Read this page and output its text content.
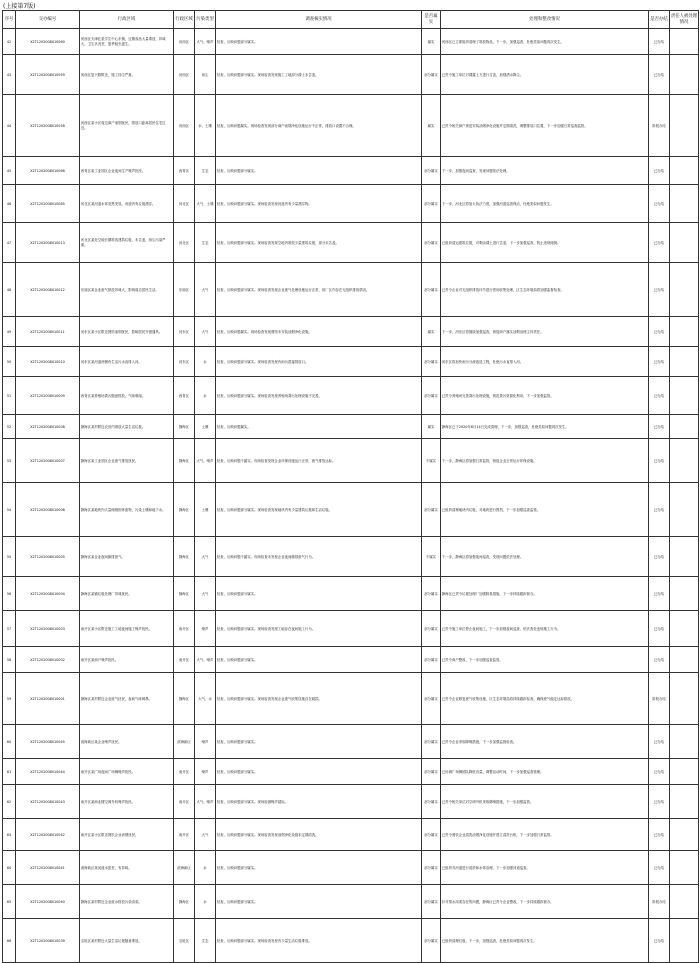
(上接第7版)
序号	交办编号	行政区域	行政区域	污染类型	调查核实情况	是否属实	处理和整改情况	是否办结	责任人被处理情况
42	X2T1202008010060	河西区天津红星学生中心东侧，过期食品大量堆放，异味大，卫生状况差，夏季蚊虫滋生。	河西区	大气、噪声	经查，反映问题部分属实。	属实	河西区已立即组织清理了堆放物品，下一步，加强巡查，杜绝类似问题再次发生。	已办结	
43	X2T1202008010059	河西区复兴路附近，施工扬尘严重。	河西区	扬尘	经查，反映问题部分属实。现场检查发现施工工地部分裸土未苫盖。	部分属实	已责令施工单位对裸露土方进行苫盖，加强洒水降尘。	已办结	
44	X2T1202008010058	河西区某小区周边商户油烟扰民，排放口距离居民住宅过近。	河西区	水、土壤	经查，反映问题属实。现场检查发现部分商户油烟净化设施运行不正常，排放口设置不合理。	属实	已责令相关商户规范安装油烟净化设施并定期清洗，调整排放口位置，下一步加强日常巡查监管。	阶段办结	
45	X2T1202008010066	西青区某工业园区企业夜间生产噪声扰民。	西青区	生态	经查，反映问题部分属实。	部分属实	下一步，加强夜间巡查，发现问题依法处理。	已办结	
46	X2T1202008010065	河北区某河道水体发黑发臭，河道内有垃圾漂浮。	河北区	大气、土壤	经查，反映问题部分属实。现场检查发现河道内有少量漂浮物。	部分属实	下一步，河北区将加大执法力度，加强河道巡查保洁，杜绝类似问题发生。	已办结	
47	X2T1202008010013	河北区某处空地长期堆放建筑垃圾，未苫盖，扬尘污染严重。	河北区	生态	经查，反映问题部分属实。现场检查发现空地内堆放少量建筑垃圾，部分未苫盖。	部分属实	已组织清运建筑垃圾，对剩余裸土进行苫盖，下一步加强巡查，防止违规倾倒。	已办结	
48	X2T1202008010012	东丽区某企业废气排放异味大，影响周边居民生活。	东丽区	大气	经查，反映问题部分属实。现场检查发现企业废气处理设施运行正常，但厂区内存在无组织排放情况。	部分属实	已责令企业对无组织排放环节进行密闭收集处理，区生态环境局将加强监督检查。	已办结	
49	X2T1202008010011	河东区某小区附近餐馆油烟扰民，影响居民开窗通风。	河东区	大气	经查，反映问题属实。现场检查发现餐馆未安装油烟净化设施。	属实	下一步，河东区将继续加强巡查，督促商户落实油烟治理主体责任。	已办结	
50	X2T1202008010010	河东区某河道两侧有生活污水直排入河。	河东区	水	经查，反映问题部分属实。现场检查发现有雨污混接排放口。	部分属实	河东区将加快雨污分流改造工程，杜绝污水直排入河。	已办结	
51	X2T1202008010009	西青区某养殖场粪污随意排放，气味难闻。	西青区	水	经查，反映问题部分属实。现场检查发现养殖场粪污处理设施不完善。	部分属实	已责令养殖场完善粪污处理设施，规范粪污资源化利用，下一步加强监管。	已办结	
52	X2T1202008010008	静海区某村附近农田内堆放大量生活垃圾。	静海区	土壤	经查，反映问题属实。	属实	静海区已于2020年8月14日完成清理，下一步，加强巡查，杜绝类似问题再次发生。	已办结	
53	X2T1202008010007	静海区某工业园区企业废气排放扰民。	静海区	大气、噪声	经查，反映问题不属实。现场检查发现企业环保设施运行正常，废气排放达标。	不属实	下一步，静海区将加强日常监管，督促企业正常运行环保设施。	已办结	
54	X2T1202008010006	静海区某地块内大量倾倒固体废物，污染土壤和地下水。	静海区	土壤	经查，反映问题部分属实。现场检查发现地块内有少量建筑垃圾和生活垃圾。	部分属实	已组织清理地块内垃圾，对地块进行围挡，下一步加强巡查监管。	已办结	
55	X2T1202008010005	静海区某企业夜间偷排废气。	静海区	大气	经查，反映问题不属实。现场检查未发现企业夜间偷排废气行为。	不属实	下一步，静海区将加强夜间巡查，发现问题依法处理。	已办结	
56	X2T1202008010004	静海区某镇垃圾处理厂异味扰民。	静海区	大气	经查，反映问题部分属实。	部分属实	静海区已责令垃圾处理厂加强除臭措施，下一步持续跟踪督办。	已办结	
57	X2T1202008010003	南开区某小区附近施工工地夜间施工噪声扰民。	南开区	噪声	经查，反映问题部分属实。现场检查发现工地存在夜间施工行为。	部分属实	已责令施工单位停止夜间施工，下一步加强夜间巡查，依法查处违规施工行为。	已办结	
58	X2T1202008010002	南开区某商户噪声扰民。	南开区	大气、噪声	经查，反映问题部分属实。	部分属实	已责令商户整改，下一步加强巡查监管。	已办结	
59	X2T1202008010001	静海区某村附近企业废气扰民，夜间气味刺鼻。	静海区	大气、水	经查，反映问题部分属实。现场检查发现企业废气收集设施存在破损。	部分属实	已责令企业修复废气收集设施，区生态环境局将持续跟踪检查，确保废气稳定达标排放。	阶段办结	
60	X2T1202008010045	滨海新区某企业噪声扰民。	滨海新区	噪声	经查，反映问题部分属实。	部分属实	已责令企业采取降噪措施，下一步加强监督检查。	已办结	
61	X2T1202008010044	南开区某广场夜间广场舞噪声扰民。	南开区	噪声	经查，反映问题部分属实。	部分属实	已协调广场舞团队降低音量、调整活动时间，下一步加强巡查管理。	已办结	
62	X2T1202008010043	南开区某商业楼空调外机噪声扰民。	南开区	大气、噪声	经查，反映问题部分属实。现场检测噪声超标。	部分属实	已责令相关单位对空调外机采取降噪措施，下一步加强监管。	已办结	
63	X2T1202008010042	南开区某小区附近餐饮企业油烟扰民。	南开区	大气	经查，反映问题部分属实。现场检查发现油烟净化设施未定期清洗。	部分属实	已责令餐饮企业清洗油烟净化设施并建立清洗台账，下一步加强日常监管。	已办结	
64	X2T1202008010041	滨海新区某河道水质差，有异味。	滨海新区	水	经查，反映问题部分属实。	部分属实	已组织对河道进行清淤和水体治理，下一步加强河道巡查。	已办结	
65	X2T1202008010040	静海区某村附近企业废水排放污染沟渠。	静海区	水	经查，反映问题部分属实。	部分属实	针对排水沟渠存在的问题，静海区已责令企业整改，下一步持续跟踪督办。	阶段办结	
66	X2T1202008010039	宝坻区某村附近大量生活垃圾随意堆放。	宝坻区	生态	经查，反映问题部分属实。现场检查发现有少量生活垃圾堆放。	部分属实	已组织清理垃圾，下一步，加强巡查，杜绝类似问题再次发生。	已办结	
